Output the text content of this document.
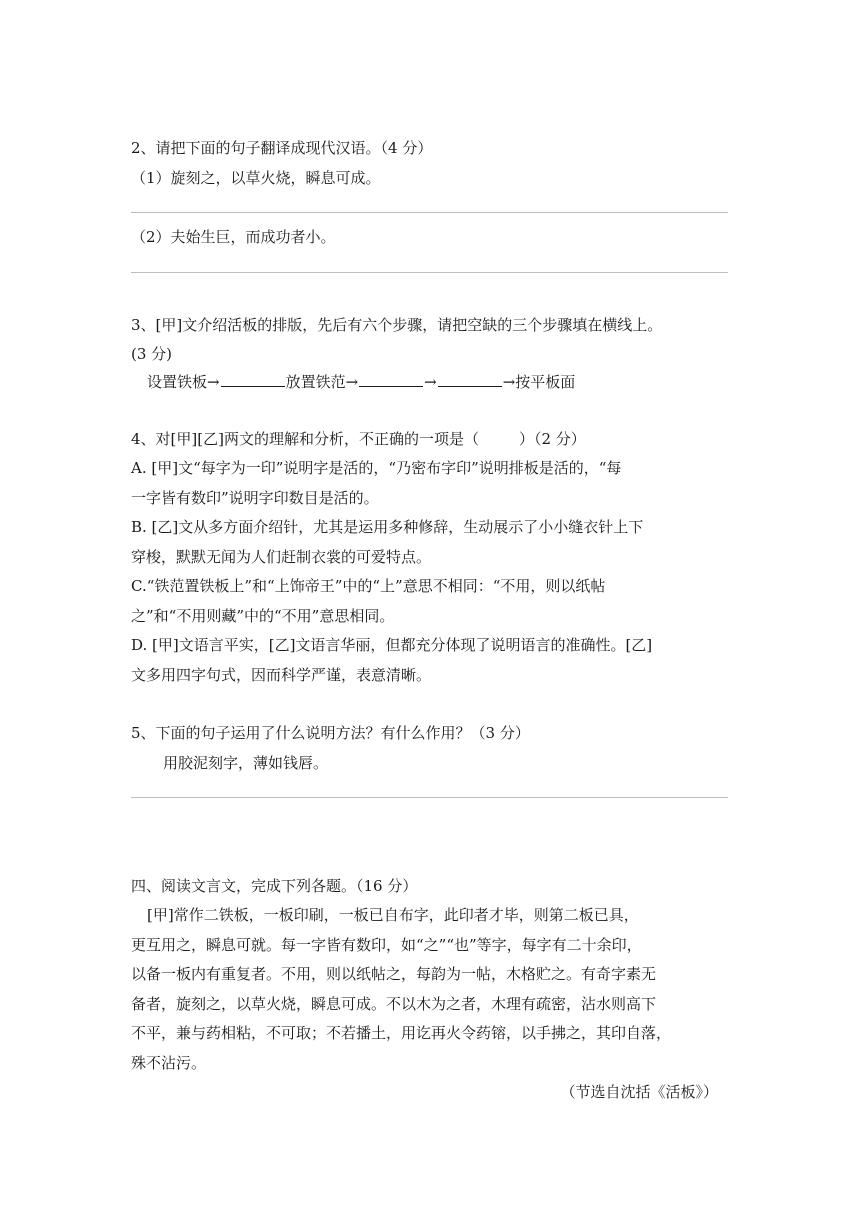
2、请把下面的句子翻译成现代汉语。（4 分）
（1）旋刻之，以草火烧，瞬息可成。
（2）夫始生巨，而成功者小。
3、[甲]文介绍活板的排版，先后有六个步骤，请把空缺的三个步骤填在横线上。
(3 分)
设置铁板→	放置铁范→	→	→按平板面
4、对[甲][乙]两文的理解和分析，不正确的一项是（	）（2 分）
A. [甲]文“每字为一印”说明字是活的，“乃密布字印”说明排板是活的，“每
一字皆有数印”说明字印数目是活的。
B. [乙]文从多方面介绍针，尤其是运用多种修辞，生动展示了小小缝衣针上下
穿梭，默默无闻为人们赶制衣裳的可爱特点。
C.“铁范置铁板上”和“上饰帝王”中的“上”意思不相同：“不用，则以纸帖
之”和“不用则藏”中的“不用”意思相同。
D. [甲]文语言平实，[乙]文语言华丽，但都充分体现了说明语言的准确性。[乙]
文多用四字句式，因而科学严谨，表意清晰。
5、下面的句子运用了什么说明方法？有什么作用？（3 分）
用胶泥刻字，薄如钱唇。
四、阅读文言文，完成下列各题。（16 分）
[甲]常作二铁板，一板印刷，一板已自布字，此印者才毕，则第二板已具，
更互用之，瞬息可就。每一字皆有数印，如“之”“也”等字，每字有二十余印，
以备一板内有重复者。不用，则以纸帖之，每韵为一帖，木格贮之。有奇字素无
备者，旋刻之，以草火烧，瞬息可成。不以木为之者，木理有疏密，沾水则高下
不平，兼与药相粘，不可取；不若播土，用讫再火令药镕，以手拂之，其印自落，
殊不沾污。
（节选自沈括《活板》）
